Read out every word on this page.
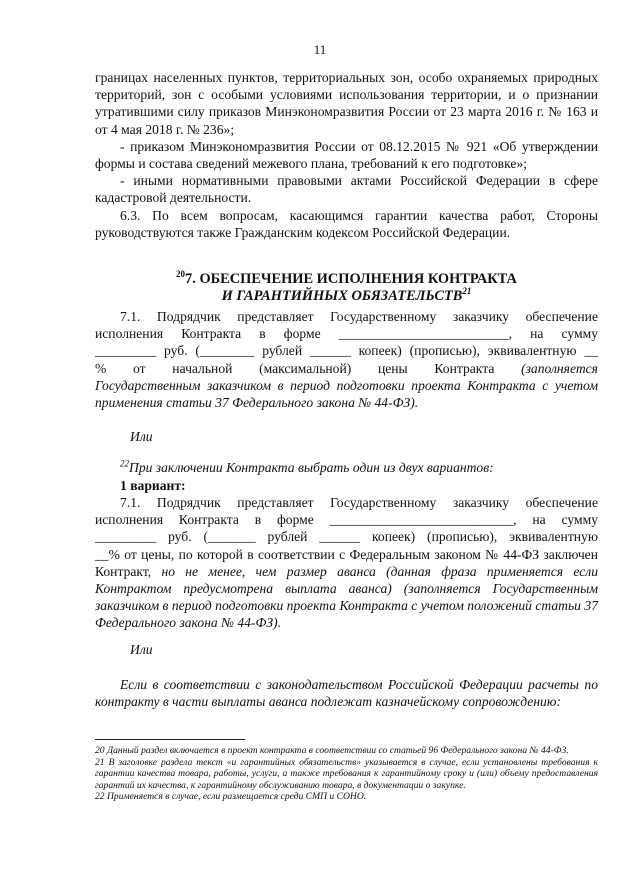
11

границах населенных пунктов, территориальных зон, особо охраняемых природных территорий, зон с особыми условиями использования территории, и о признании утратившими силу приказов Минэкономразвития России от 23 марта 2016 г. № 163 и от 4 мая 2018 г. № 236»;

- приказом Минэкономразвития России от 08.12.2015 № 921 «Об утверждении формы и состава сведений межевого плана, требований к его подготовке»;

- иными нормативными правовыми актами Российской Федерации в сфере кадастровой деятельности.

6.3. По всем вопросам, касающимся гарантии качества работ, Стороны руководствуются также Гражданским кодексом Российской Федерации.

$^{20}$7. ОБЕСПЕЧЕНИЕ ИСПОЛНЕНИЯ КОНТРАКТА
И ГАРАНТИЙНЫХ ОБЯЗАТЕЛЬСТВ$^{21}$

7.1. Подрядчик представляет Государственному заказчику обеспечение

исполнения Контракта в форме _________________________, на сумму

_________ руб. (________ рублей ______ копеек) (прописью), эквивалентную __

% от начальной (максимальной) цены Контракта (заполняется

Государственным заказчиком в период подготовки проекта Контракта с учетом применения статьи 37 Федерального закона № 44-ФЗ).

Или

$^{22}$При заключении Контракта выбрать один из двух вариантов:

1 вариант:

7.1. Подрядчик представляет Государственному заказчику обеспечение

исполнения Контракта в форме ___________________________, на сумму

_________ руб. (_______ рублей ______ копеек) (прописью), эквивалентную

__% от цены, по которой в соответствии с Федеральным законом № 44-ФЗ заключен Контракт, но не менее, чем размер аванса (данная фраза применяется если Контрактом предусмотрена выплата аванса) (заполняется Государственным заказчиком в период подготовки проекта Контракта с учетом положений статьи 37 Федерального закона № 44-ФЗ).

Или

Если в соответствии с законодательством Российской Федерации расчеты по контракту в части выплаты аванса подлежат казначейскому сопровождению:

20 Данный раздел включается в проект контракта в соответствии со статьей 96 Федерального закона № 44-ФЗ.

21 В заголовке раздела текст «и гарантийных обязательств» указывается в случае, если установлены требования к гарантии качества товара, работы, услуги, а также требования к гарантийному сроку и (или) объему предоставления гарантий их качества, к гарантийному обслуживанию товара, в документации о закупке.

22 Применяется в случае, если размещается среди СМП и СОНО.
